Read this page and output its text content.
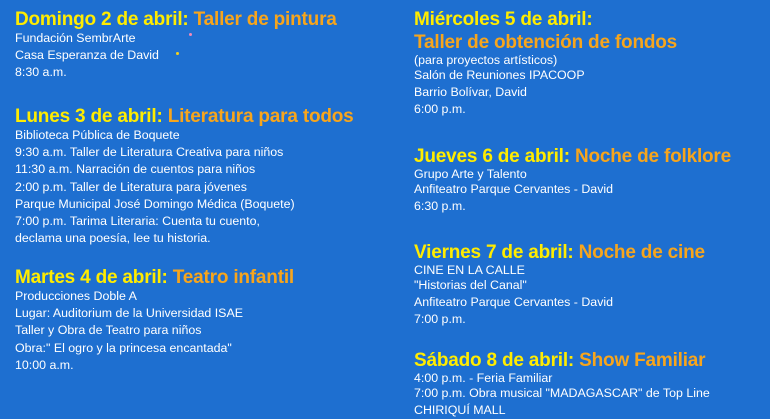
Domingo 2 de abril: Taller de pintura
Fundación SembrArte
Casa Esperanza de David
8:30 a.m.
Lunes 3 de abril: Literatura para todos
Biblioteca Pública de Boquete
9:30 a.m. Taller de Literatura Creativa para niños
11:30 a.m. Narración de cuentos para niños
2:00 p.m. Taller de Literatura para jóvenes
Parque Municipal José Domingo Médica (Boquete)
7:00 p.m. Tarima Literaria: Cuenta tu cuento,
declama una poesía, lee tu historia.
Martes 4 de abril: Teatro infantil
Producciones Doble A
Lugar: Auditorium de la Universidad ISAE
Taller y Obra de Teatro para niños
Obra:" El ogro y la princesa encantada"
10:00 a.m.
Miércoles 5 de abril:
Taller de obtención de fondos
(para proyectos artísticos)
Salón de Reuniones IPACOOP
Barrio Bolívar, David
6:00 p.m.
Jueves 6 de abril: Noche de folklore
Grupo Arte y Talento
Anfiteatro Parque Cervantes - David
6:30 p.m.
Viernes 7 de abril: Noche de cine
CINE EN LA CALLE
"Historias del Canal"
Anfiteatro Parque Cervantes - David
7:00 p.m.
Sábado 8 de abril: Show Familiar
4:00 p.m. - Feria Familiar
7:00 p.m. Obra musical "MADAGASCAR" de Top Line
CHIRIQUÍ MALL
